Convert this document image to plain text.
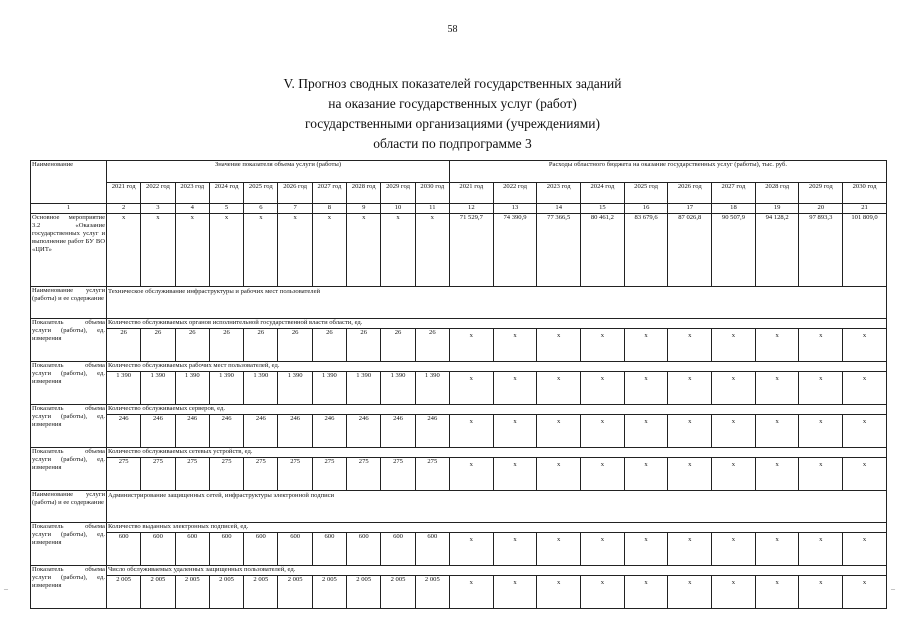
58
V. Прогноз сводных показателей государственных заданий
на оказание государственных услуг (работ)
государственными организациями (учреждениями)
области по подпрограмме 3
Наименование	Значение показателя объема услуги (работы)										Расходы областного бюджета на оказание государственных услуг (работы), тыс. руб.									
	2021 год	2022 год	2023 год	2024 год	2025 год	2026 год	2027 год	2028 год	2029 год	2030 год	2021 год	2022 год	2023 год	2024 год	2025 год	2026 год	2027 год	2028 год	2029 год	2030 год
1	2	3	4	5	6	7	8	9	10	11	12	13	14	15	16	17	18	19	20	21
Основное мероприятие 3.2 «Оказание государственных услуг и выполнение работ БУ ВО «ЦИТ»	x	x	x	x	x	x	x	x	x	x	71 529,7	74 390,9	77 366,5	80 461,2	83 679,6	87 026,8	90 507,9	94 128,2	97 893,3	101 809,0
Наименование услуги (работы) и ее содержание	Техническое обслуживание инфраструктуры и рабочих мест пользователей																			
Показатель объема услуги (работы), ед. измерения	Количество обслуживаемых органов исполнительной государственной власти области, ед.																			
	26	26	26	26	26	26	26	26	26	26	x	x	x	x	x	x	x	x	x	x
Показатель объема услуги (работы), ед. измерения	Количество обслуживаемых рабочих мест пользователей, ед.																			
	1 390	1 390	1 390	1 390	1 390	1 390	1 390	1 390	1 390	1 390	x	x	x	x	x	x	x	x	x	x
Показатель объема услуги (работы), ед. измерения	Количество обслуживаемых серверов, ед.																			
	246	246	246	246	246	246	246	246	246	246	x	x	x	x	x	x	x	x	x	x
Показатель объема услуги (работы), ед. измерения	Количество обслуживаемых сетевых устройств, ед.																			
	275	275	275	275	275	275	275	275	275	275	x	x	x	x	x	x	x	x	x	x
Наименование услуги (работы) и ее содержание	Администрирование защищенных сетей, инфраструктуры электронной подписи																			
Показатель объема услуги (работы), ед. измерения	Количество выданных электронных подписей, ед.																			
	600	600	600	600	600	600	600	600	600	600	x	x	x	x	x	x	x	x	x	x
Показатель объема услуги (работы), ед. измерения	Число обслуживаемых удаленных защищенных пользователей, ед.																			
	2 005	2 005	2 005	2 005	2 005	2 005	2 005	2 005	2 005	2 005	x	x	x	x	x	x	x	x	x	x
–	–
